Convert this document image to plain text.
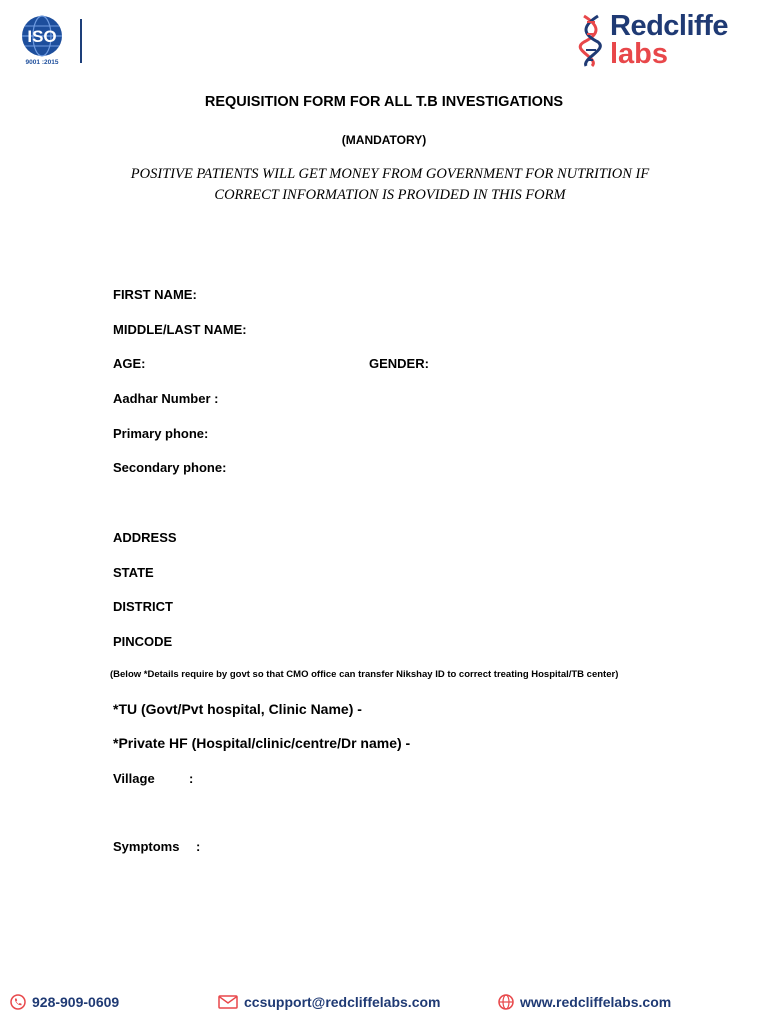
ISO
9001 :2015
Redcliffe
labs
REQUISITION FORM FOR ALL T.B INVESTIGATIONS
(MANDATORY)
POSITIVE PATIENTS WILL GET MONEY FROM GOVERNMENT FOR NUTRITION IF CORRECT INFORMATION IS PROVIDED IN THIS FORM
FIRST NAME:
MIDDLE/LAST NAME:
AGE:	GENDER:
Aadhar Number :
Primary phone:
Secondary phone:
ADDRESS
STATE
DISTRICT
PINCODE
(Below *Details require by govt so that CMO office can transfer Nikshay ID to correct treating Hospital/TB center)
*TU (Govt/Pvt hospital, Clinic Name) -
*Private HF (Hospital/clinic/centre/Dr name) -
Village	:
Symptoms :
928-909-0609	ccsupport@redcliffelabs.com	www.redcliffelabs.com
